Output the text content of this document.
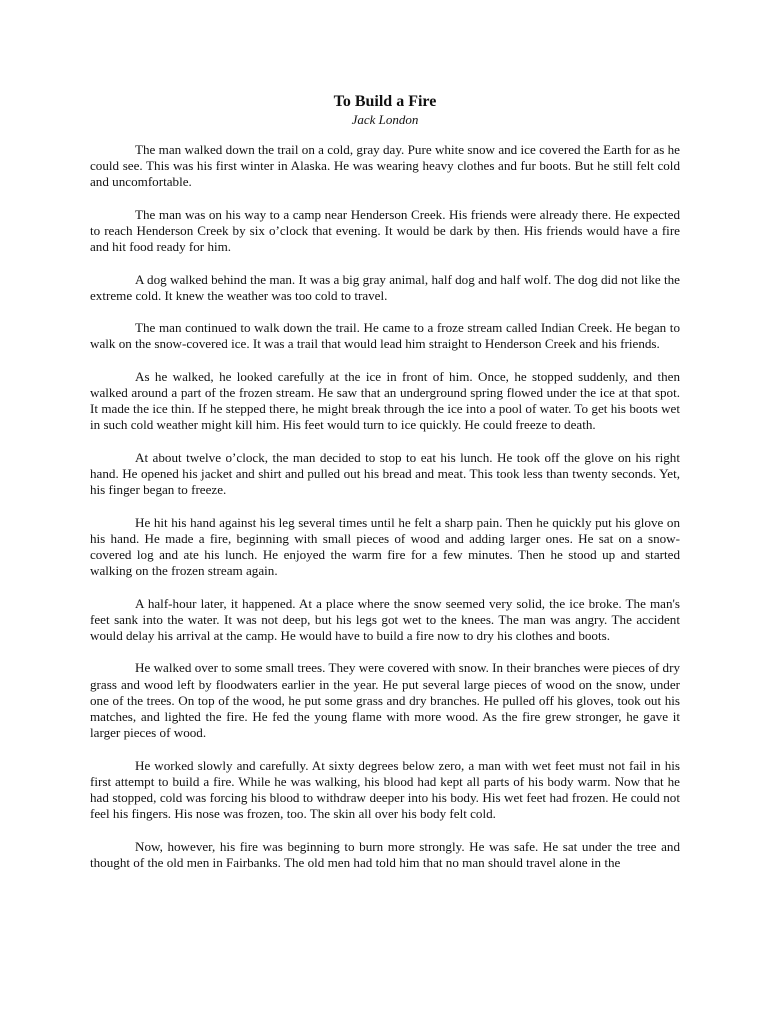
To Build a Fire

Jack London

The man walked down the trail on a cold, gray day. Pure white snow and ice covered the Earth for as he could see. This was his first winter in Alaska. He was wearing heavy clothes and fur boots. But he still felt cold and uncomfortable.

The man was on his way to a camp near Henderson Creek. His friends were already there. He expected to reach Henderson Creek by six o’clock that evening. It would be dark by then. His friends would have a fire and hit food ready for him.

A dog walked behind the man. It was a big gray animal, half dog and half wolf. The dog did not like the extreme cold. It knew the weather was too cold to travel.

The man continued to walk down the trail. He came to a froze stream called Indian Creek. He began to walk on the snow-covered ice. It was a trail that would lead him straight to Henderson Creek and his friends.

As he walked, he looked carefully at the ice in front of him. Once, he stopped suddenly, and then walked around a part of the frozen stream. He saw that an underground spring flowed under the ice at that spot. It made the ice thin. If he stepped there, he might break through the ice into a pool of water. To get his boots wet in such cold weather might kill him. His feet would turn to ice quickly. He could freeze to death.

At about twelve o’clock, the man decided to stop to eat his lunch. He took off the glove on his right hand. He opened his jacket and shirt and pulled out his bread and meat. This took less than twenty seconds. Yet, his finger began to freeze.

He hit his hand against his leg several times until he felt a sharp pain. Then he quickly put his glove on his hand. He made a fire, beginning with small pieces of wood and adding larger ones. He sat on a snow-covered log and ate his lunch. He enjoyed the warm fire for a few minutes. Then he stood up and started walking on the frozen stream again.

A half-hour later, it happened. At a place where the snow seemed very solid, the ice broke. The man's feet sank into the water. It was not deep, but his legs got wet to the knees. The man was angry. The accident would delay his arrival at the camp. He would have to build a fire now to dry his clothes and boots.

He walked over to some small trees. They were covered with snow. In their branches were pieces of dry grass and wood left by floodwaters earlier in the year. He put several large pieces of wood on the snow, under one of the trees. On top of the wood, he put some grass and dry branches. He pulled off his gloves, took out his matches, and lighted the fire. He fed the young flame with more wood. As the fire grew stronger, he gave it larger pieces of wood.

He worked slowly and carefully. At sixty degrees below zero, a man with wet feet must not fail in his first attempt to build a fire. While he was walking, his blood had kept all parts of his body warm. Now that he had stopped, cold was forcing his blood to withdraw deeper into his body. His wet feet had frozen. He could not feel his fingers. His nose was frozen, too. The skin all over his body felt cold.

Now, however, his fire was beginning to burn more strongly. He was safe. He sat under the tree and thought of the old men in Fairbanks. The old men had told him that no man should travel alone in the
